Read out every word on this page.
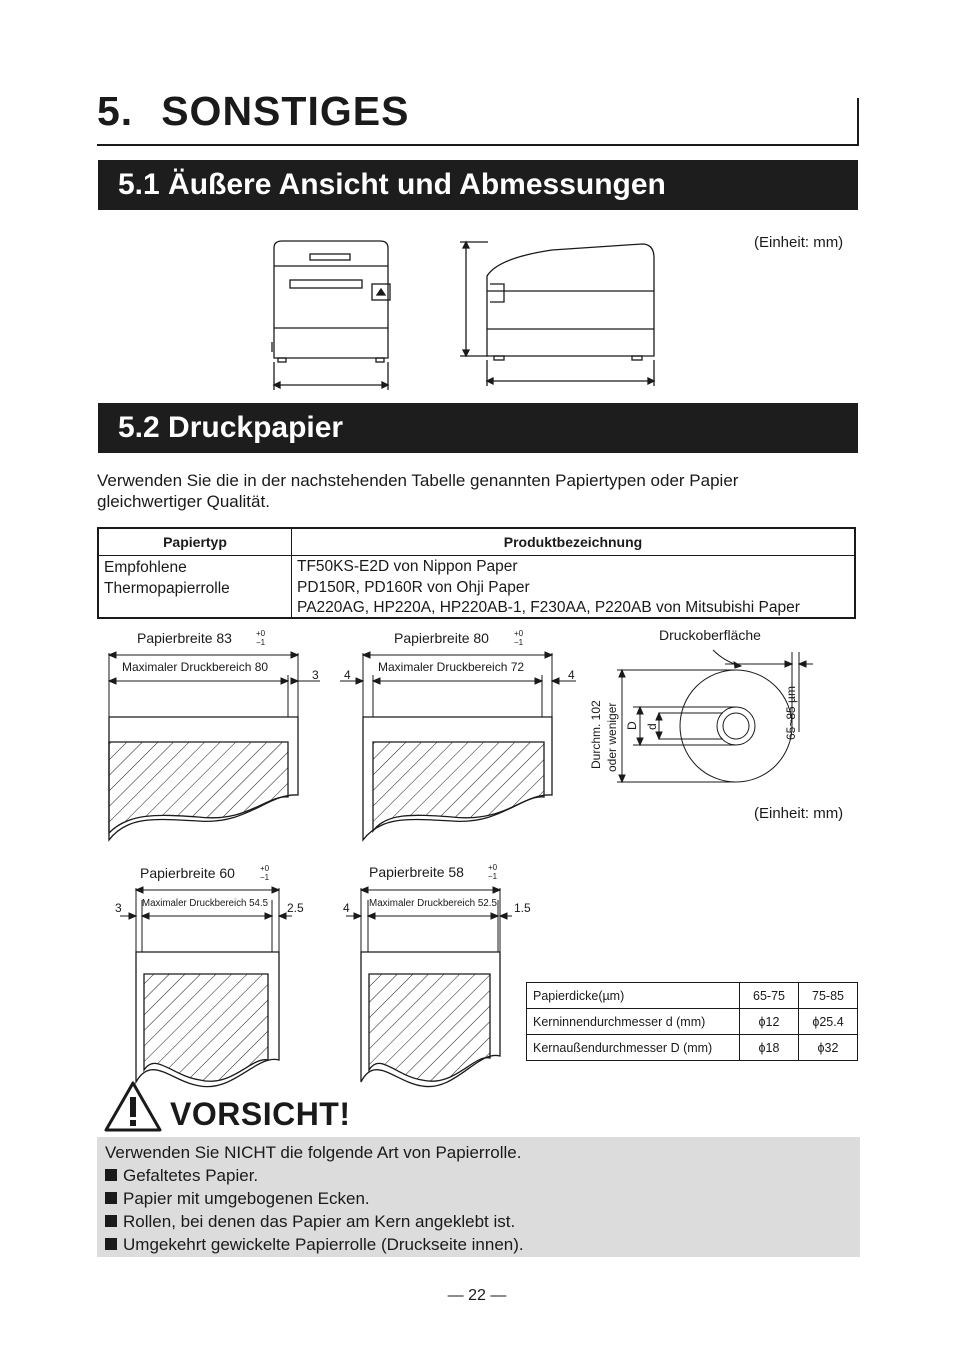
5. SONSTIGES
5.1 Äußere Ansicht und Abmessungen
(Einheit: mm)
5.2 Druckpapier
Verwenden Sie die in der nachstehenden Tabelle genannten Papiertypen oder Papier
gleichwertiger Qualität.
Papiertyp	Produktbezeichnung
Empfohlene
Thermopapierrolle
TF50KS-E2D von Nippon Paper
PD150R, PD160R von Ohji Paper
PA220AG, HP220A, HP220AB-1, F230AA, P220AB von Mitsubishi Paper
Papierbreite 83	+0
−1
Maximaler Druckbereich 80
3
Papierbreite 80	+0
−1
Maximaler Druckbereich 72
4	4
Druckoberfläche
Durchm. 102 oder weniger D d	65~85 µm
(Einheit: mm)
Papierbreite 60	+0
−1
Maximaler Druckbereich 54.5
3	2.5
Papierbreite 58	+0
−1
Maximaler Druckbereich 52.5
4	1.5
Papierdicke(µm)	65-75	75-85
Kerninnendurchmesser d (mm)	ϕ12	ϕ25.4
Kernaußendurchmesser D (mm)	ϕ18	ϕ32
VORSICHT!
Verwenden Sie NICHT die folgende Art von Papierrolle.
Gefaltetes Papier.
Papier mit umgebogenen Ecken.
Rollen, bei denen das Papier am Kern angeklebt ist.
Umgekehrt gewickelte Papierrolle (Druckseite innen).
— 22 —
